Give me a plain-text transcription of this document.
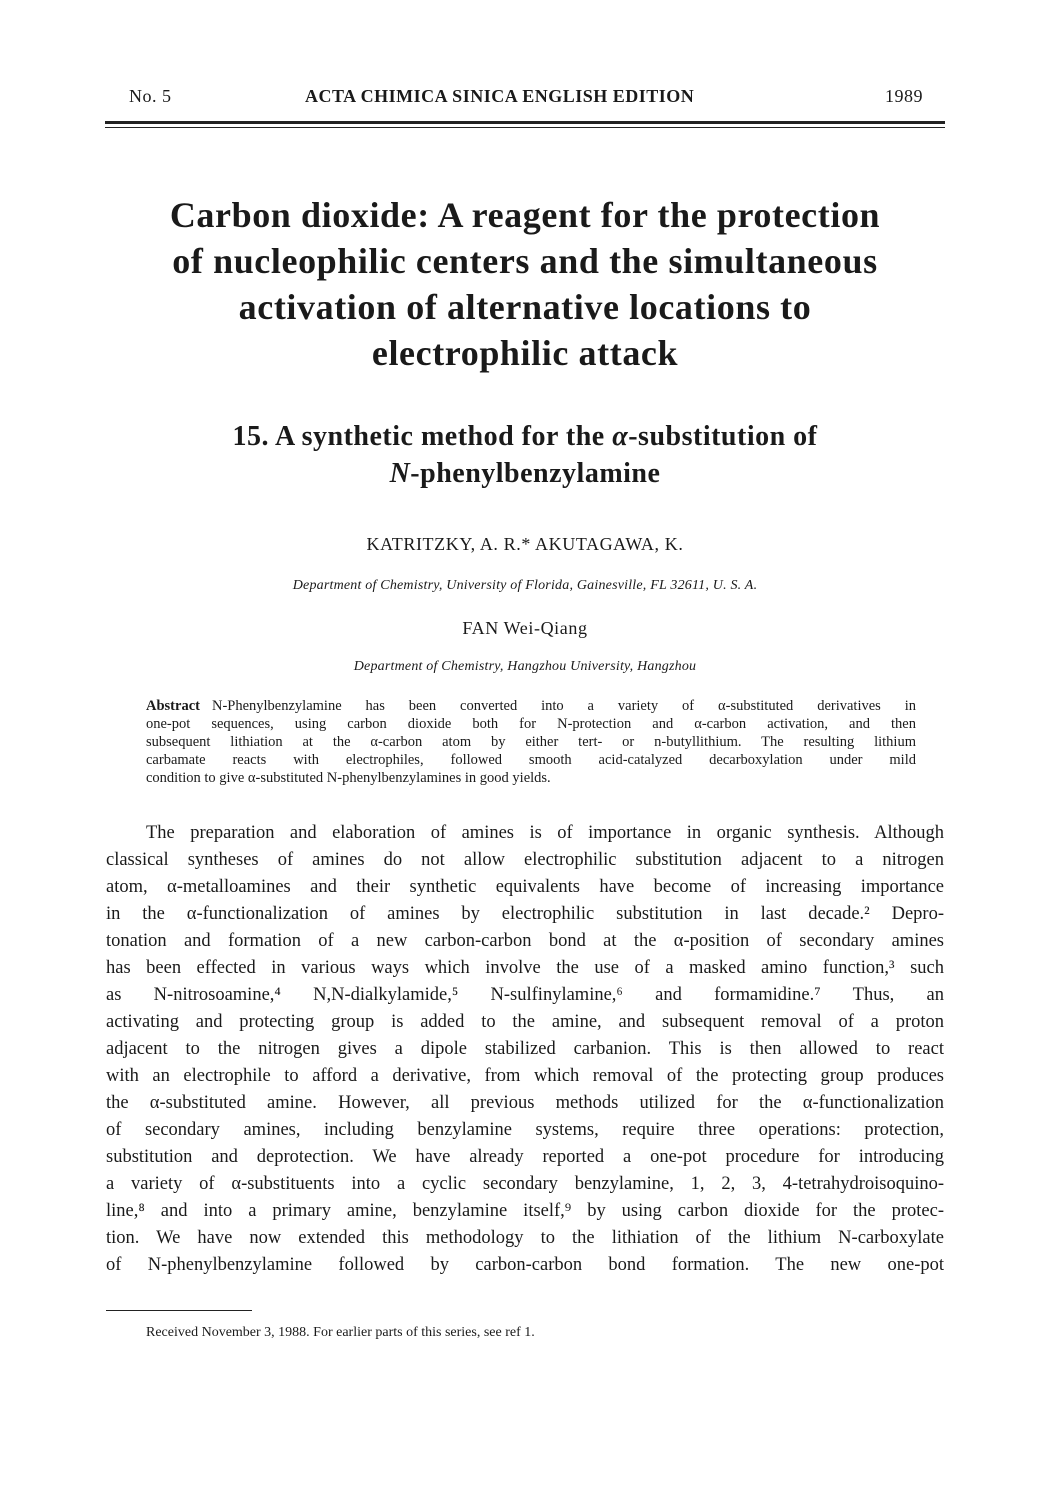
No. 5	ACTA CHIMICA SINICA ENGLISH EDITION	1989
Carbon dioxide: A reagent for the protection
of nucleophilic centers and the simultaneous
activation of alternative locations to
electrophilic attack
15. A synthetic method for the α-substitution of
N-phenylbenzylamine
KATRITZKY, A. R.* AKUTAGAWA, K.
Department of Chemistry, University of Florida, Gainesville, FL 32611, U. S. A.
FAN Wei-Qiang
Department of Chemistry, Hangzhou University, Hangzhou
Abstract N-Phenylbenzylamine has been converted into a variety of α-substituted derivatives in
one-pot sequences, using carbon dioxide both for N-protection and α-carbon activation, and then
subsequent lithiation at the α-carbon atom by either tert- or n-butyllithium. The resulting lithium
carbamate reacts with electrophiles, followed smooth acid-catalyzed decarboxylation under mild
condition to give α-substituted N-phenylbenzylamines in good yields.
The preparation and elaboration of amines is of importance in organic synthesis. Although
classical syntheses of amines do not allow electrophilic substitution adjacent to a nitrogen
atom, α-metalloamines and their synthetic equivalents have become of increasing importance
in the α-functionalization of amines by electrophilic substitution in last decade.² Depro-
tonation and formation of a new carbon-carbon bond at the α-position of secondary amines
has been effected in various ways which involve the use of a masked amino function,³ such
as N-nitrosoamine,⁴ N,N-dialkylamide,⁵ N-sulfinylamine,⁶ and formamidine.⁷ Thus, an
activating and protecting group is added to the amine, and subsequent removal of a proton
adjacent to the nitrogen gives a dipole stabilized carbanion. This is then allowed to react
with an electrophile to afford a derivative, from which removal of the protecting group produces
the α-substituted amine. However, all previous methods utilized for the α-functionalization
of secondary amines, including benzylamine systems, require three operations: protection,
substitution and deprotection. We have already reported a one-pot procedure for introducing
a variety of α-substituents into a cyclic secondary benzylamine, 1, 2, 3, 4-tetrahydroisoquino-
line,⁸ and into a primary amine, benzylamine itself,⁹ by using carbon dioxide for the protec-
tion. We have now extended this methodology to the lithiation of the lithium N-carboxylate
of N-phenylbenzylamine followed by carbon-carbon bond formation. The new one-pot
Received November 3, 1988. For earlier parts of this series, see ref 1.
